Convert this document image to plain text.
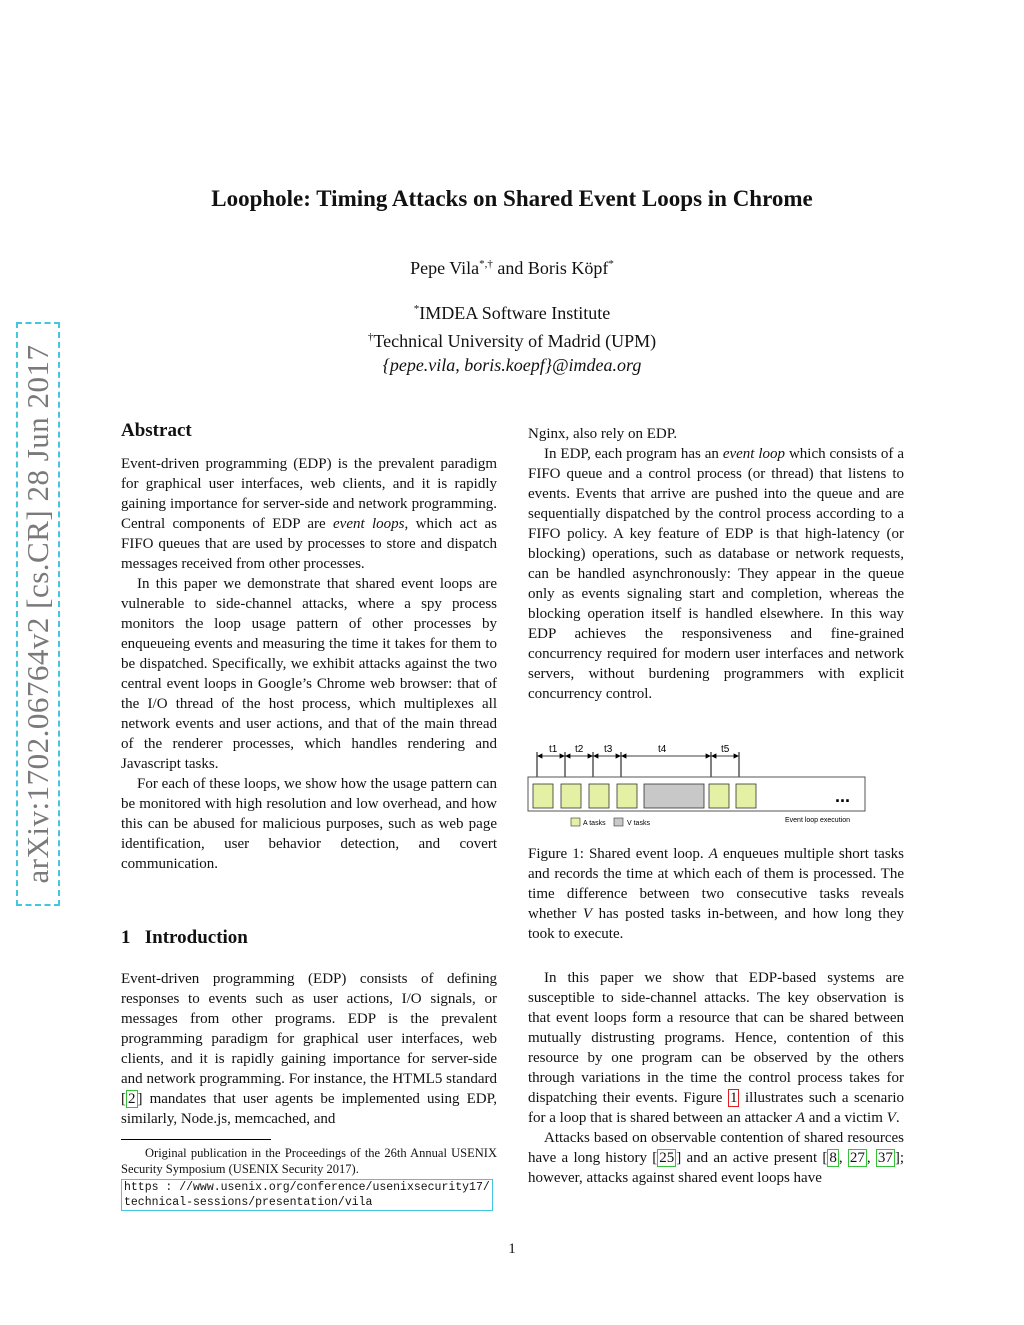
arXiv:1702.06764v2 [cs.CR] 28 Jun 2017
Loophole: Timing Attacks on Shared Event Loops in Chrome
Pepe Vila*,† and Boris Köpf*
*IMDEA Software Institute
†Technical University of Madrid (UPM)
{pepe.vila, boris.koepf}@imdea.org
Abstract

Event-driven programming (EDP) is the prevalent paradigm for graphical user interfaces, web clients, and it is rapidly gaining importance for server-side and network programming. Central components of EDP are event loops, which act as FIFO queues that are used by processes to store and dispatch messages received from other processes.

In this paper we demonstrate that shared event loops are vulnerable to side-channel attacks, where a spy process monitors the loop usage pattern of other processes by enqueueing events and measuring the time it takes for them to be dispatched. Specifically, we exhibit attacks against the two central event loops in Google’s Chrome web browser: that of the I/O thread of the host process, which multiplexes all network events and user actions, and that of the main thread of the renderer processes, which handles rendering and Javascript tasks.

For each of these loops, we show how the usage pattern can be monitored with high resolution and low overhead, and how this can be abused for malicious purposes, such as web page identification, user behavior detection, and covert communication.

1 Introduction

Event-driven programming (EDP) consists of defining responses to events such as user actions, I/O signals, or messages from other programs. EDP is the prevalent programming paradigm for graphical user interfaces, web clients, and it is rapidly gaining importance for server-side and network programming. For instance, the HTML5 standard [ 2 ] mandates that user agents be implemented using EDP, similarly, Node.js, memcached, and

Original publication in the Proceedings of the 26th Annual USENIX Security Symposium (USENIX Security 2017).

https : //www.usenix.org/conference/usenixsecurity17/
technical-sessions/presentation/vila

Nginx, also rely on EDP.

In EDP, each program has an event loop which consists of a FIFO queue and a control process (or thread) that listens to events. Events that arrive are pushed into the queue and are sequentially dispatched by the control process according to a FIFO policy. A key feature of EDP is that high-latency (or blocking) operations, such as database or network requests, can be handled asynchronously: They appear in the queue only as events signaling start and completion, whereas the blocking operation itself is handled elsewhere. In this way EDP achieves the responsiveness and fine-grained concurrency required for modern user interfaces and network servers, without burdening programmers with explicit concurrency control.

t1 t2 t3	t4	t5
...
A tasks	V tasks	Event loop execution
Figure 1: Shared event loop. A enqueues multiple short tasks and records the time at which each of them is processed. The time difference between two consecutive tasks reveals whether V has posted tasks in-between, and how long they took to execute.

In this paper we show that EDP-based systems are susceptible to side-channel attacks. The key observation is that event loops form a resource that can be shared between mutually distrusting programs. Hence, contention of this resource by one program can be observed by the others through variations in the time the control process takes for dispatching their events. Figure 1 illustrates such a scenario for a loop that is shared between an attacker A and a victim V.

Attacks based on observable contention of shared resources have a long history [ 25 ] and an active present [ 8 , 27 , 37 ]; however, attacks against shared event loops have

1
